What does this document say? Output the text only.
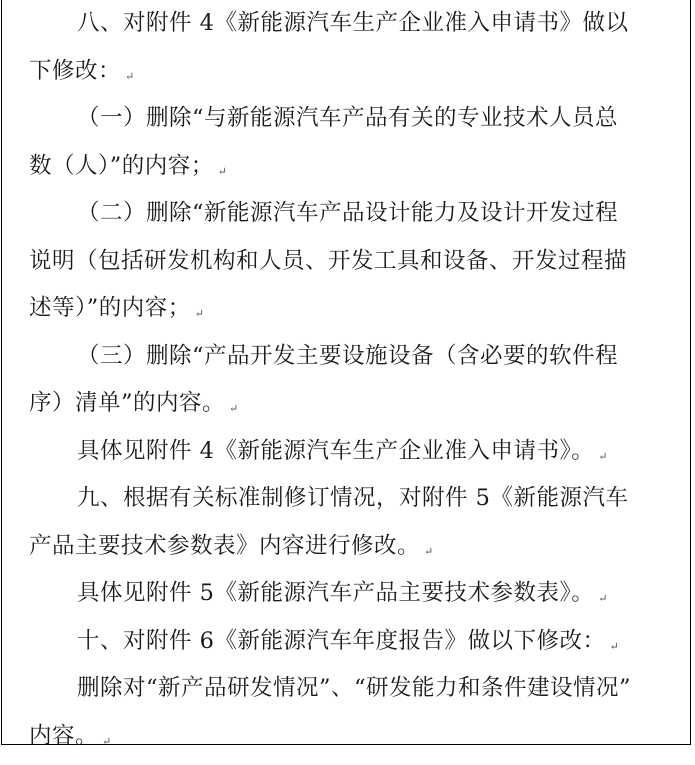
八、对附件 4《新能源汽车生产企业准入申请书》做以
下修改： ↵
（一）删除“与新能源汽车产品有关的专业技术人员总
数（人）”的内容； ↵
（二）删除“新能源汽车产品设计能力及设计开发过程
说明（包括研发机构和人员、开发工具和设备、开发过程描
述等）”的内容； ↵
（三）删除“产品开发主要设施设备（含必要的软件程
序）清单”的内容。 ↵
具体见附件 4《新能源汽车生产企业准入申请书》。 ↵
九、根据有关标准制修订情况，对附件 5《新能源汽车
产品主要技术参数表》内容进行修改。 ↵
具体见附件 5《新能源汽车产品主要技术参数表》。 ↵
十、对附件 6《新能源汽车年度报告》做以下修改： ↵
删除对“新产品研发情况”、“研发能力和条件建设情况”
内容。 ↵
